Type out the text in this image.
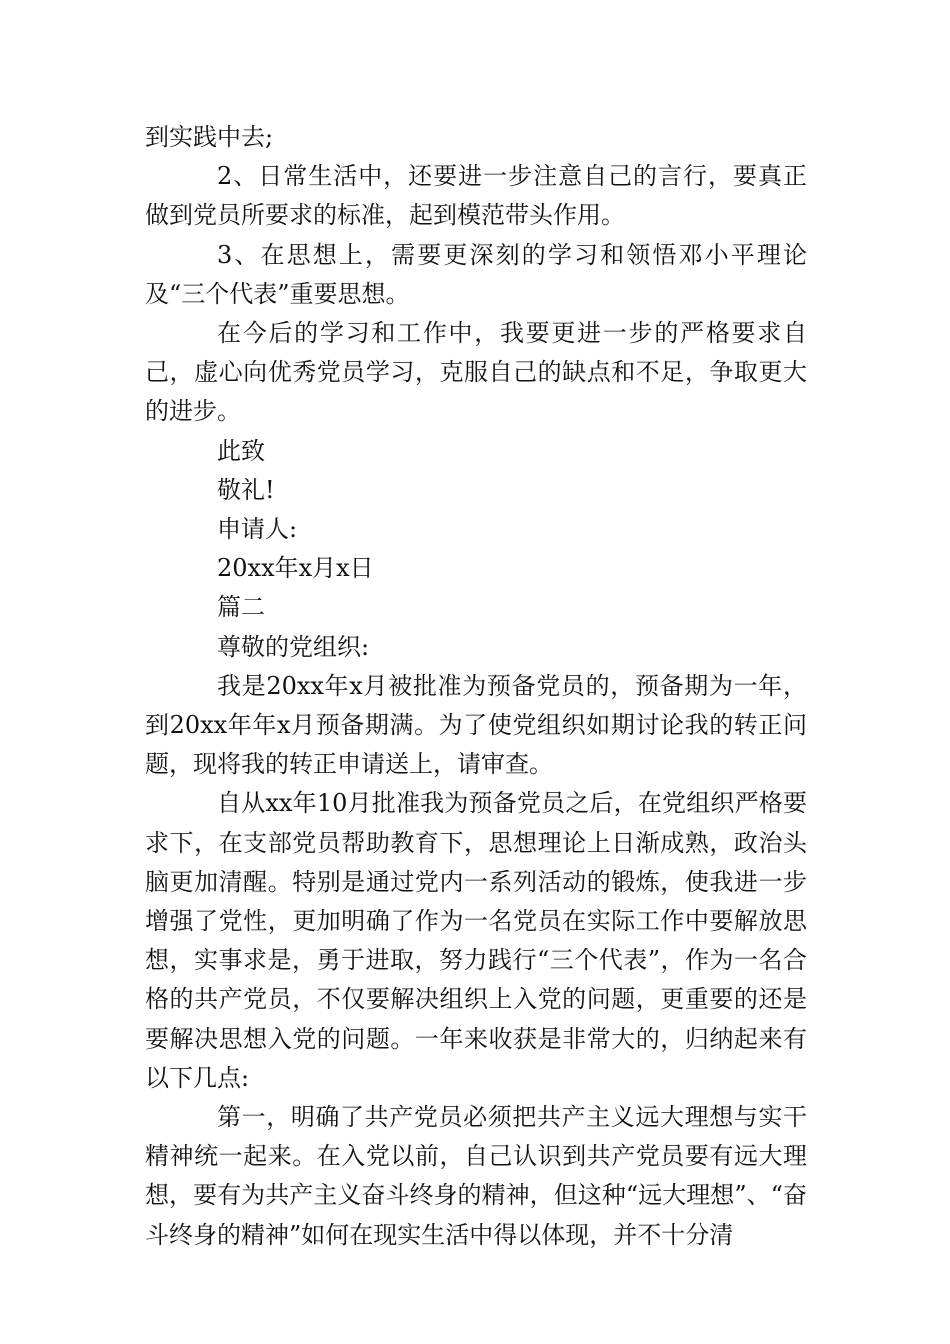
到实践中去;

2、日常生活中，还要进一步注意自己的言行，要真正做到党员所要求的标准，起到模范带头作用。

3、在思想上，需要更深刻的学习和领悟邓小平理论及“三个代表”重要思想。

在今后的学习和工作中，我要更进一步的严格要求自己，虚心向优秀党员学习，克服自己的缺点和不足，争取更大的进步。

此致

敬礼!

申请人:

20xx年x月x日

篇二

尊敬的党组织:

我是20xx年x月被批准为预备党员的，预备期为一年，到20xx年年x月预备期满。为了使党组织如期讨论我的转正问题，现将我的转正申请送上，请审查。

自从xx年10月批准我为预备党员之后，在党组织严格要求下，在支部党员帮助教育下，思想理论上日渐成熟，政治头脑更加清醒。特别是通过党内一系列活动的锻炼，使我进一步增强了党性，更加明确了作为一名党员在实际工作中要解放思想，实事求是，勇于进取，努力践行“三个代表”，作为一名合格的共产党员，不仅要解决组织上入党的问题，更重要的还是要解决思想入党的问题。一年来收获是非常大的，归纳起来有以下几点:

第一，明确了共产党员必须把共产主义远大理想与实干精神统一起来。在入党以前，自己认识到共产党员要有远大理想，要有为共产主义奋斗终身的精神，但这种“远大理想”、“奋斗终身的精神”如何在现实生活中得以体现，并不十分清
